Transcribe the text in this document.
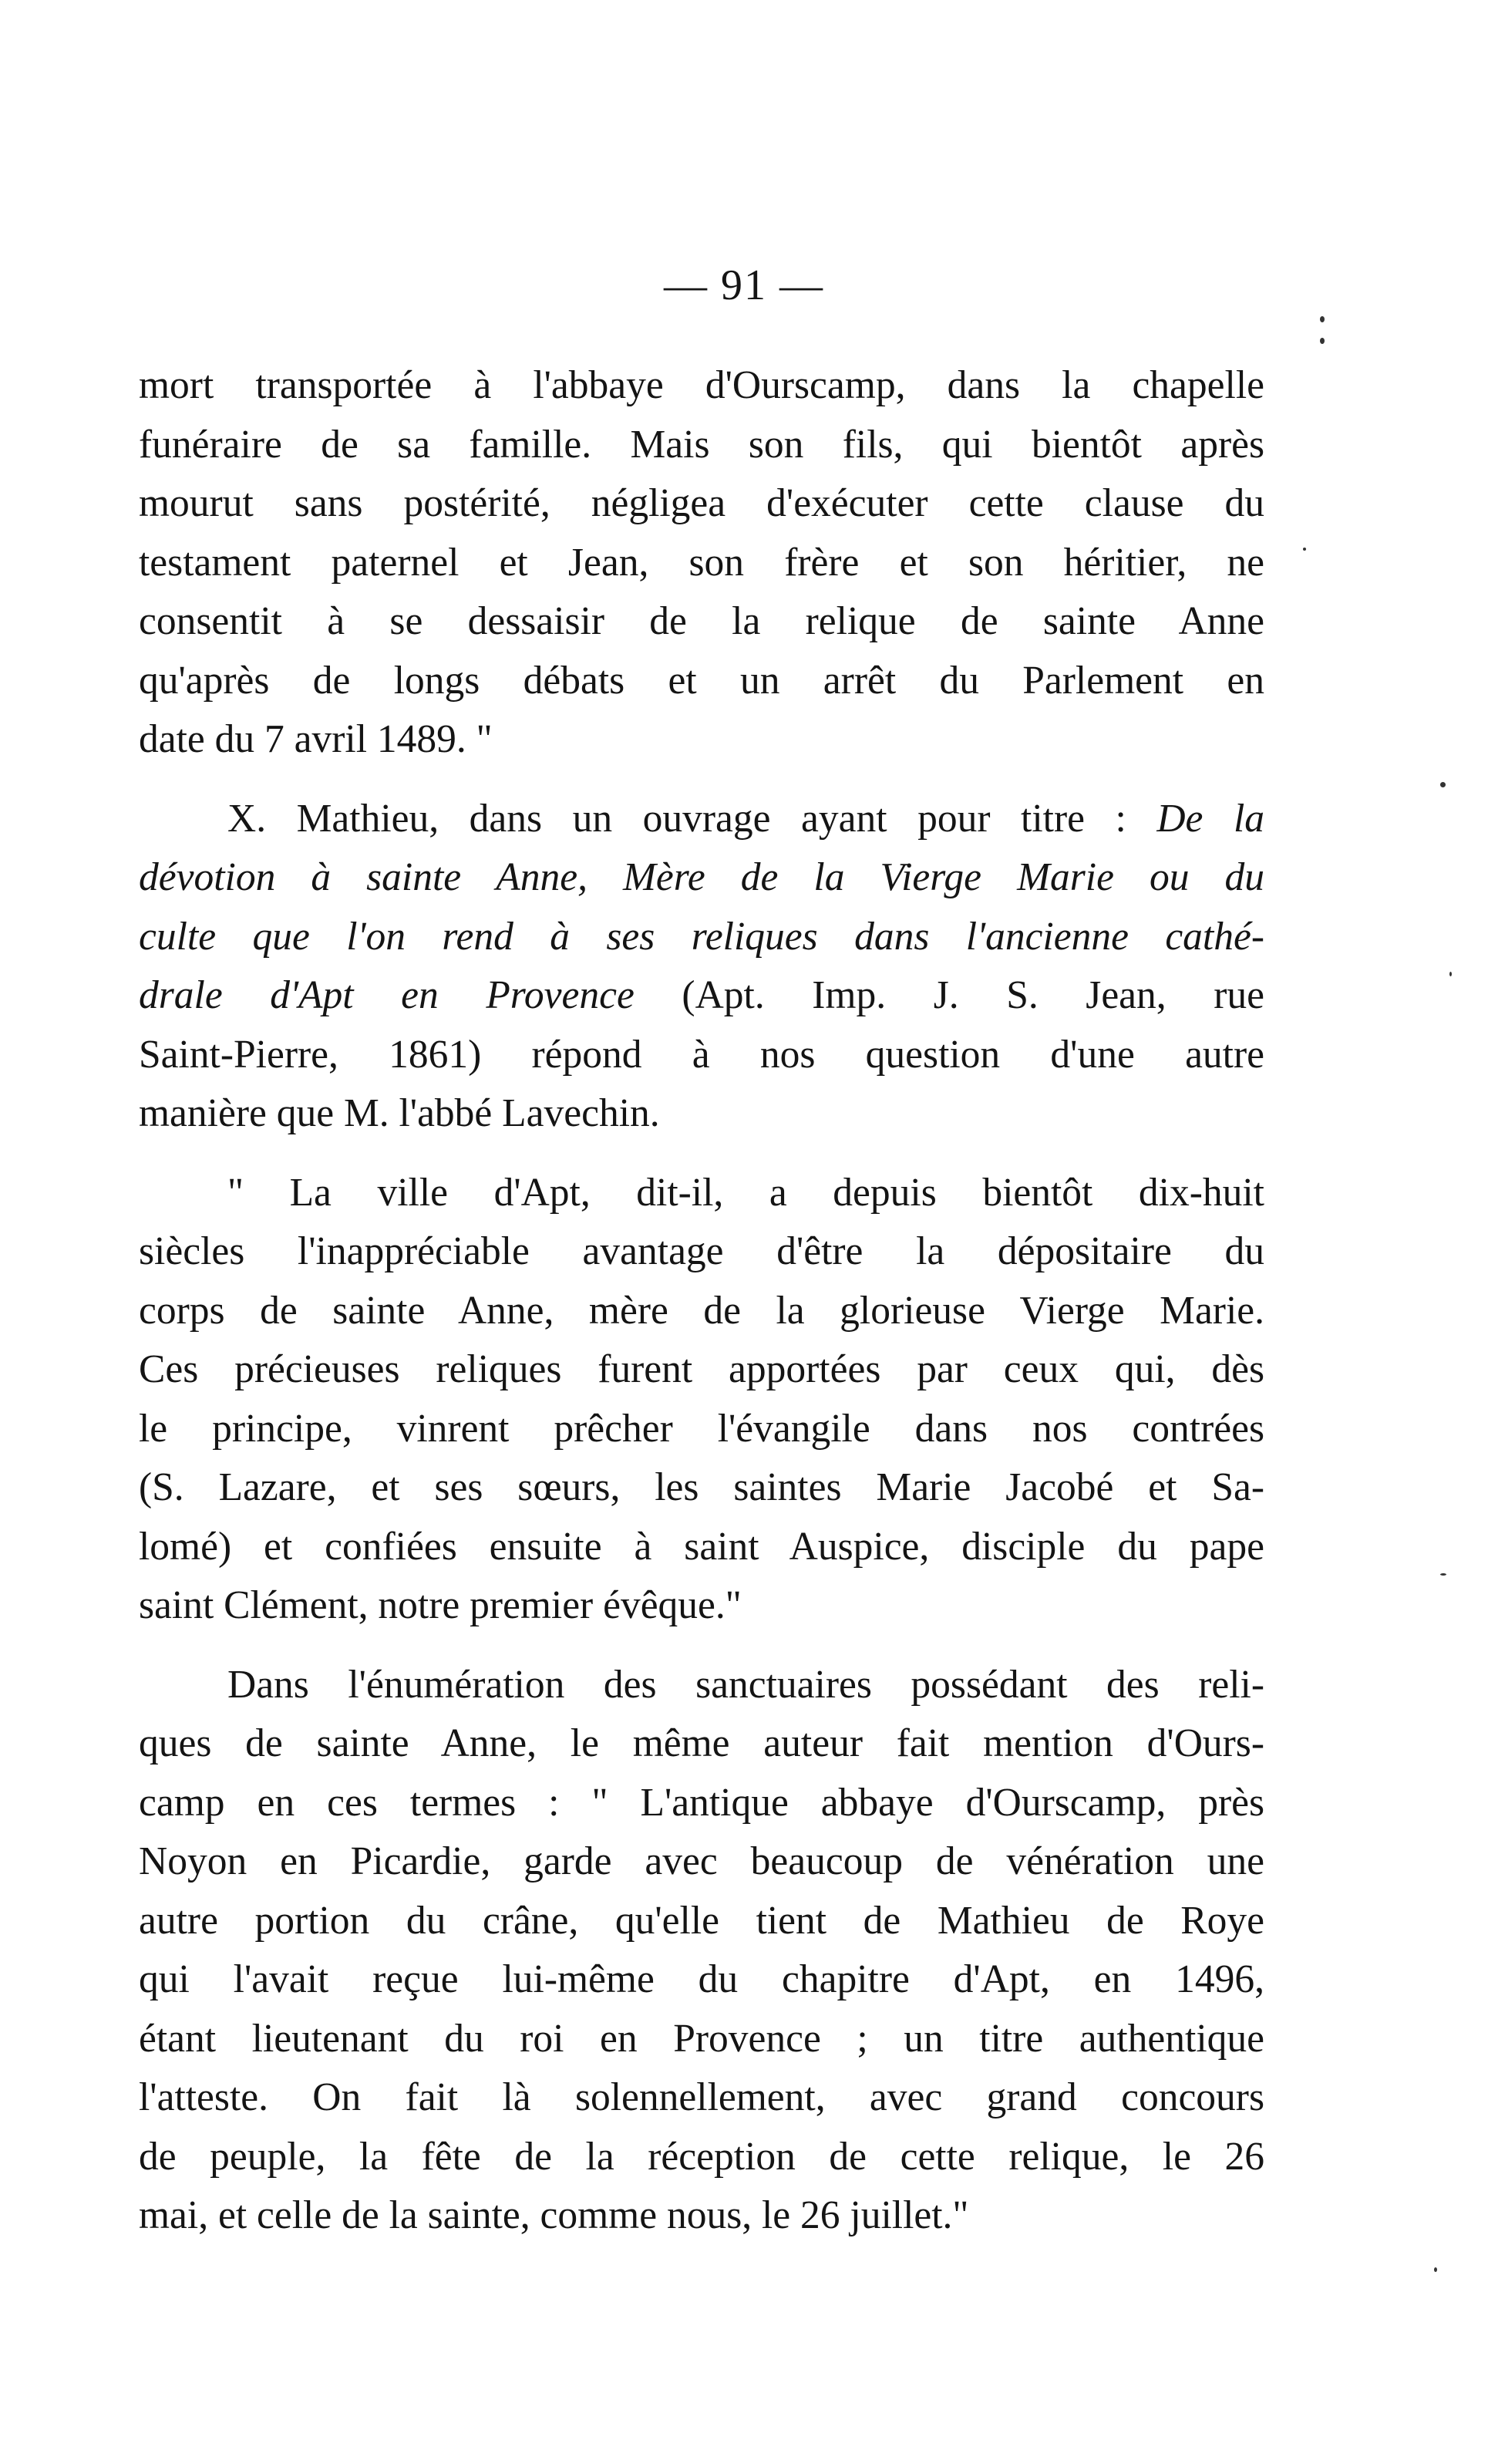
— 91 —
mort transportée à l'abbaye d'Ourscamp, dans la chapelle
funéraire de sa famille. Mais son fils, qui bientôt après
mourut sans postérité, négligea d'exécuter cette clause du
testament paternel et Jean, son frère et son héritier, ne
consentit à se dessaisir de la relique de sainte Anne
qu'après de longs débats et un arrêt du Parlement en
date du 7 avril 1489. "
X. Mathieu, dans un ouvrage ayant pour titre : De la
dévotion à sainte Anne, Mère de la Vierge Marie ou du
culte que l'on rend à ses reliques dans l'ancienne cathé-
drale d'Apt en Provence (Apt. Imp. J. S. Jean, rue
Saint-Pierre, 1861) répond à nos question d'une autre
manière que M. l'abbé Lavechin.
" La ville d'Apt, dit-il, a depuis bientôt dix-huit
siècles l'inappréciable avantage d'être la dépositaire du
corps de sainte Anne, mère de la glorieuse Vierge Marie.
Ces précieuses reliques furent apportées par ceux qui, dès
le principe, vinrent prêcher l'évangile dans nos contrées
(S. Lazare, et ses sœurs, les saintes Marie Jacobé et Sa-
lomé) et confiées ensuite à saint Auspice, disciple du pape
saint Clément, notre premier évêque."
Dans l'énumération des sanctuaires possédant des reli-
ques de sainte Anne, le même auteur fait mention d'Ours-
camp en ces termes : " L'antique abbaye d'Ourscamp, près
Noyon en Picardie, garde avec beaucoup de vénération une
autre portion du crâne, qu'elle tient de Mathieu de Roye
qui l'avait reçue lui-même du chapitre d'Apt, en 1496,
étant lieutenant du roi en Provence ; un titre authentique
l'atteste. On fait là solennellement, avec grand concours
de peuple, la fête de la réception de cette relique, le 26
mai, et celle de la sainte, comme nous, le 26 juillet."
